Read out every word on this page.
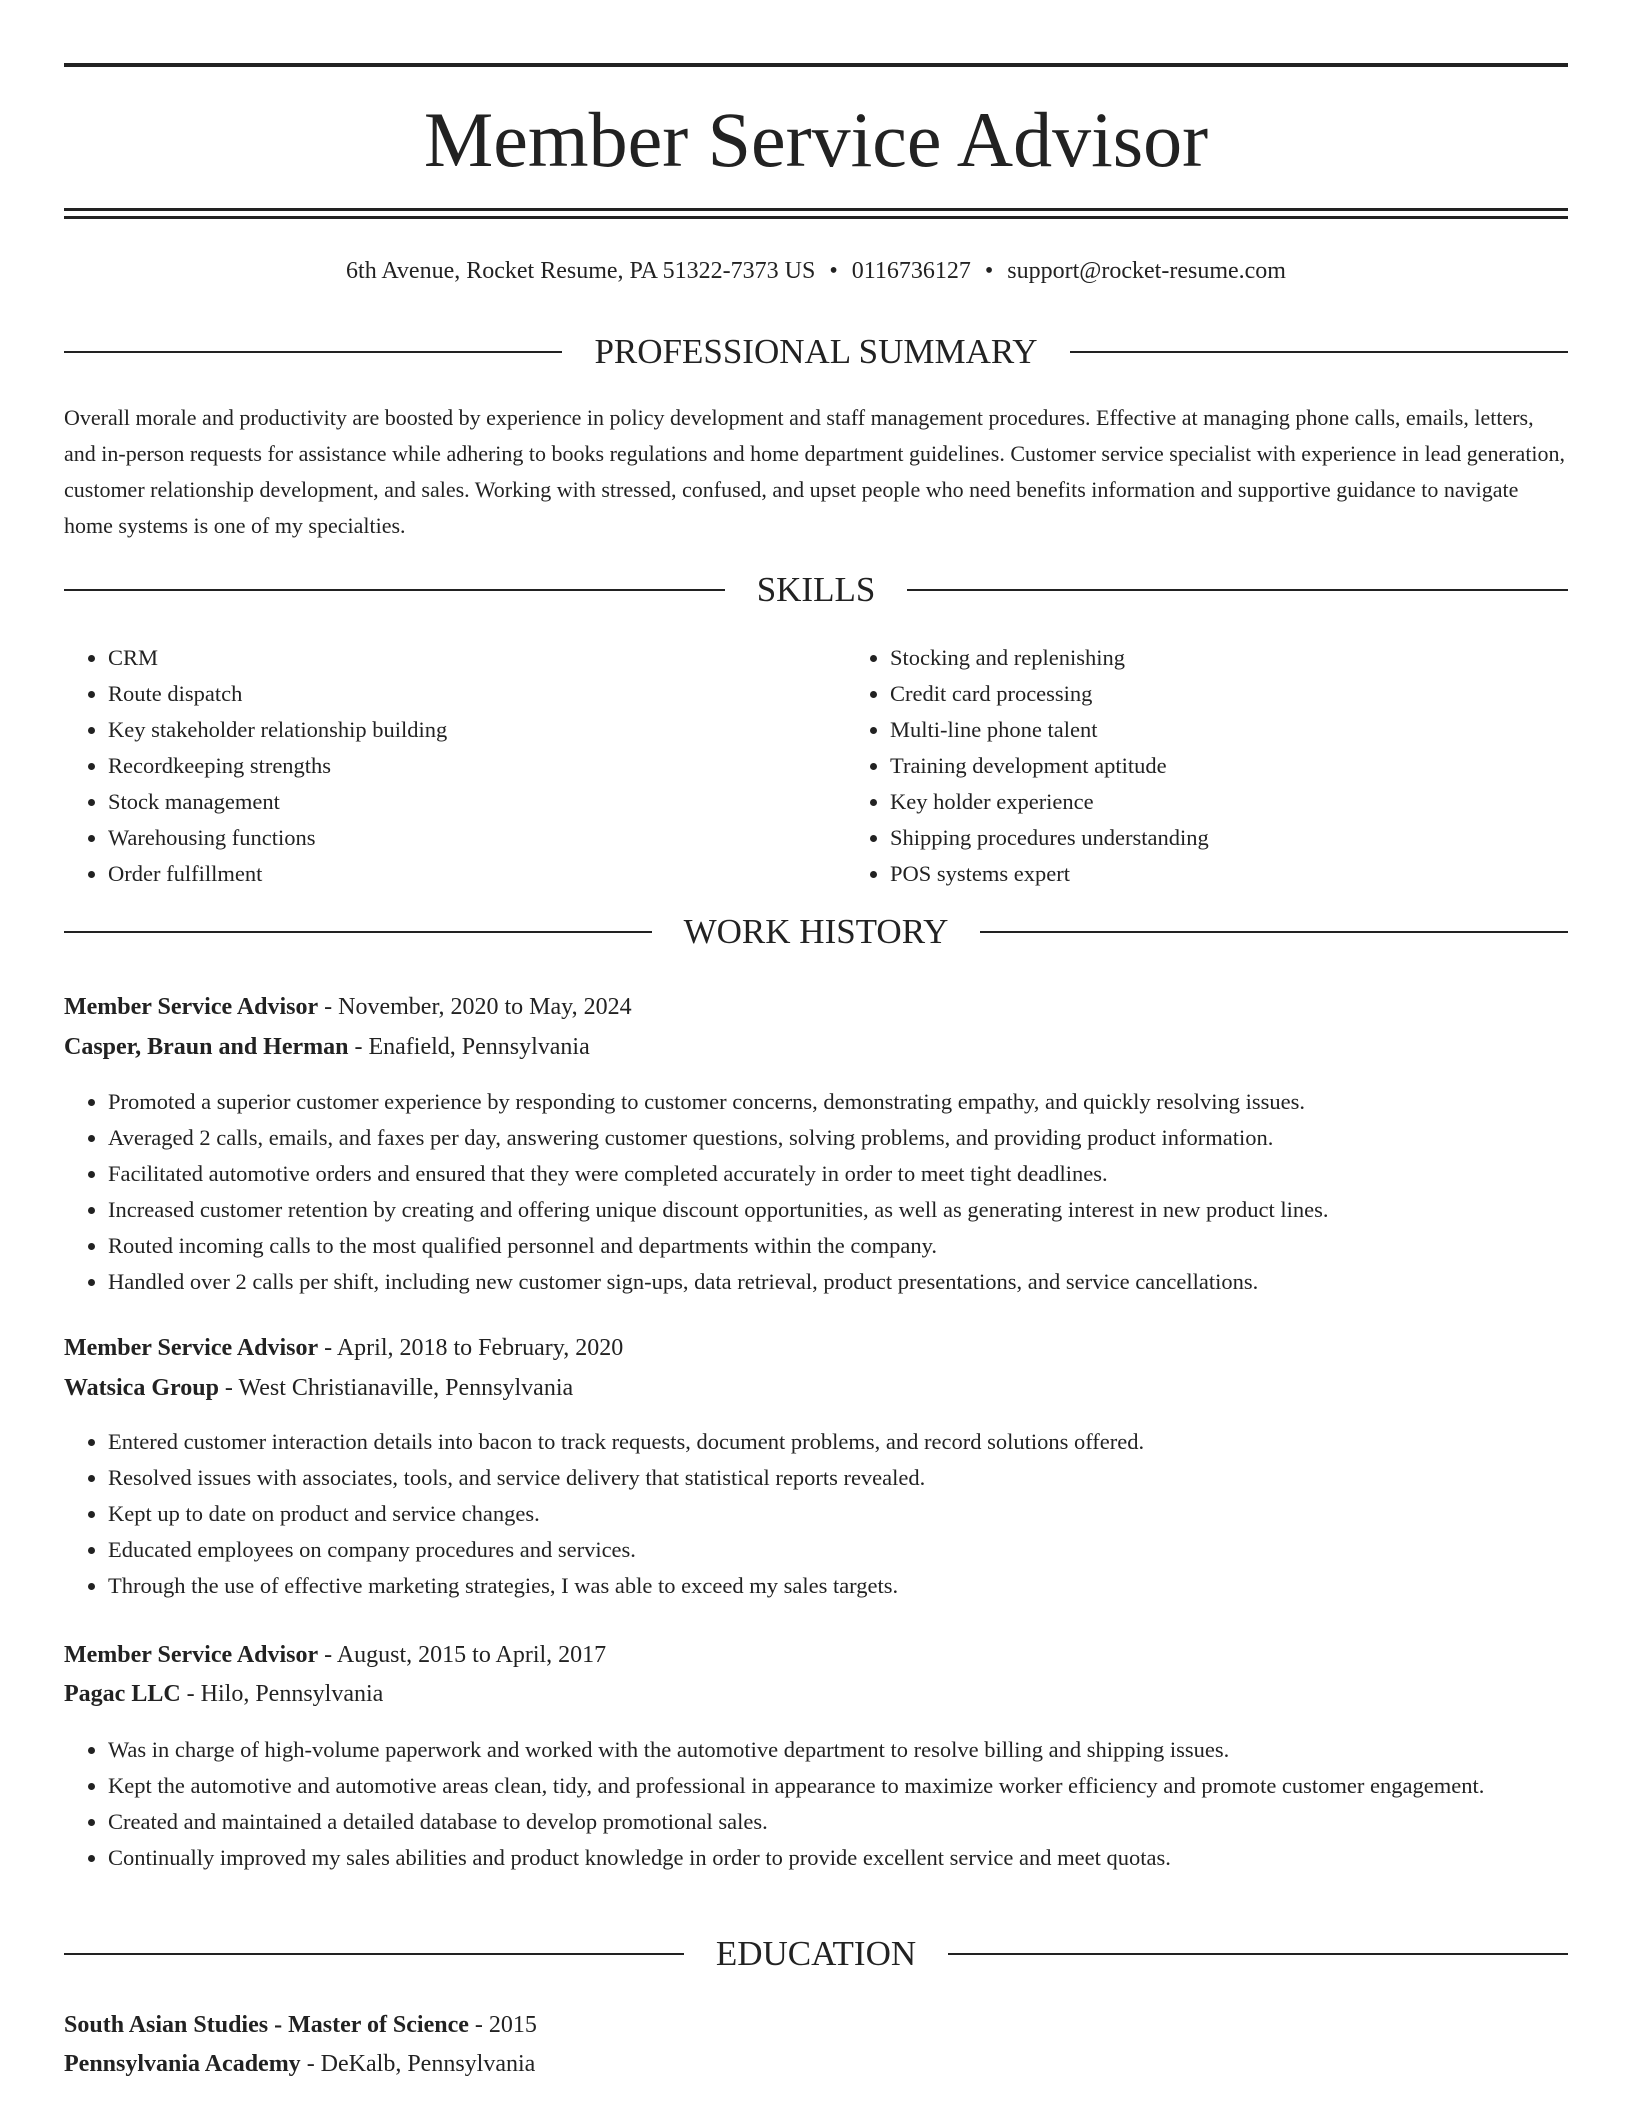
Member Service Advisor
6th Avenue, Rocket Resume, PA 51322-7373 US • 0116736127 • support@rocket-resume.com
PROFESSIONAL SUMMARY

Overall morale and productivity are boosted by experience in policy development and staff management procedures. Effective at managing phone calls, emails, letters, and in-person requests for assistance while adhering to books regulations and home department guidelines. Customer service specialist with experience in lead generation, customer relationship development, and sales. Working with stressed, confused, and upset people who need benefits information and supportive guidance to navigate home systems is one of my specialties.

SKILLS
• CRM
• Route dispatch
• Key stakeholder relationship building
• Recordkeeping strengths
• Stock management
• Warehousing functions
• Order fulfillment
• Stocking and replenishing
• Credit card processing
• Multi-line phone talent
• Training development aptitude
• Key holder experience
• Shipping procedures understanding
• POS systems expert
WORK HISTORY
Member Service Advisor - November, 2020 to May, 2024
Casper, Braun and Herman - Enafield, Pennsylvania
• Promoted a superior customer experience by responding to customer concerns, demonstrating empathy, and quickly resolving issues.
• Averaged 2 calls, emails, and faxes per day, answering customer questions, solving problems, and providing product information.
• Facilitated automotive orders and ensured that they were completed accurately in order to meet tight deadlines.
• Increased customer retention by creating and offering unique discount opportunities, as well as generating interest in new product lines.
• Routed incoming calls to the most qualified personnel and departments within the company.
• Handled over 2 calls per shift, including new customer sign-ups, data retrieval, product presentations, and service cancellations.
Member Service Advisor - April, 2018 to February, 2020
Watsica Group - West Christianaville, Pennsylvania
• Entered customer interaction details into bacon to track requests, document problems, and record solutions offered.
• Resolved issues with associates, tools, and service delivery that statistical reports revealed.
• Kept up to date on product and service changes.
• Educated employees on company procedures and services.
• Through the use of effective marketing strategies, I was able to exceed my sales targets.
Member Service Advisor - August, 2015 to April, 2017
Pagac LLC - Hilo, Pennsylvania
• Was in charge of high-volume paperwork and worked with the automotive department to resolve billing and shipping issues.
• Kept the automotive and automotive areas clean, tidy, and professional in appearance to maximize worker efficiency and promote customer engagement.
• Created and maintained a detailed database to develop promotional sales.
• Continually improved my sales abilities and product knowledge in order to provide excellent service and meet quotas.
EDUCATION
South Asian Studies - Master of Science - 2015
Pennsylvania Academy - DeKalb, Pennsylvania
